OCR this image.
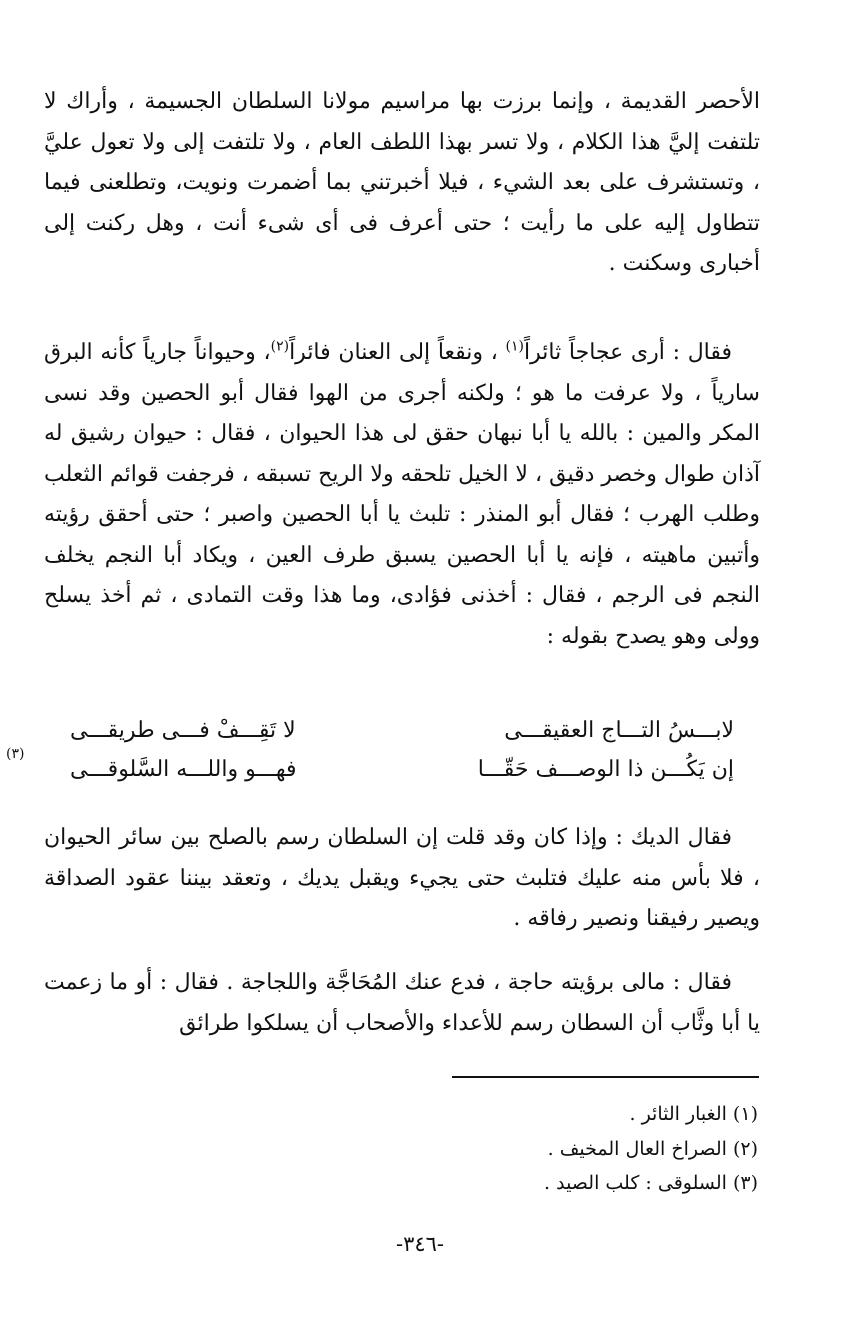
الأحصر القديمة ، وإنما برزت بها مراسيم مولانا السلطان الجسيمة ، وأراك لا تلتفت إليَّ هذا الكلام ، ولا تسر بهذا اللطف العام ، ولا تلتفت إلى ولا تعول عليَّ ، وتستشرف على بعد الشيء ، فيلا أخبرتني بما أضمرت ونويت، وتطلعنى فيما تتطاول إليه على ما رأيت ؛ حتى أعرف فى أى شىء أنت ، وهل ركنت إلى أخبارى وسكنت .

فقال : أرى عجاجاً ثائراً$^{(١)}$ ، ونقعاً إلى العنان فائراً$^{(٢)}$، وحيواناً جارياً كأنه البرق سارياً ، ولا عرفت ما هو ؛ ولكنه أجرى من الهوا فقال أبو الحصين وقد نسى المكر والمين : بالله يا أبا نبهان حقق لى هذا الحيوان ، فقال : حيوان رشيق له آذان طوال وخصر دقيق ، لا الخيل تلحقه ولا الريح تسبقه ، فرجفت قوائم الثعلب وطلب الهرب ؛ فقال أبو المنذر : تلبث يا أبا الحصين واصبر ؛ حتى أحقق رؤيته وأتبين ماهيته ، فإنه يا أبا الحصين يسبق طرف العين ، ويكاد أبا النجم يخلف النجم فى الرجم ، فقال : أخذنى فؤادى، وما هذا وقت التمادى ، ثم أخذ يسلح وولى وهو يصدح بقوله :

لابـــسُ التـــاج العقيقـــى
لا تَقِـــفْ فـــى طريقـــى
إن يَكُـــن ذا الوصـــف حَقّـــا
فهـــو واللـــه السَّلوقـــى
(٣)

فقال الديك : وإذا كان وقد قلت إن السلطان رسم بالصلح بين سائر الحيوان ، فلا بأس منه عليك فتلبث حتى يجيء ويقبل يديك ، وتعقد بيننا عقود الصداقة ويصير رفيقنا ونصير رفاقه .

فقال : مالى برؤيته حاجة ، فدع عنك المُحَاجَّة واللجاجة . فقال : أو ما زعمت يا أبا وثَّاب أن السطان رسم للأعداء والأصحاب أن يسلكوا طرائق

(١) الغبار الثائر .
(٢) الصراخ العال المخيف .
(٣) السلوقى : كلب الصيد .
-٣٤٦-
